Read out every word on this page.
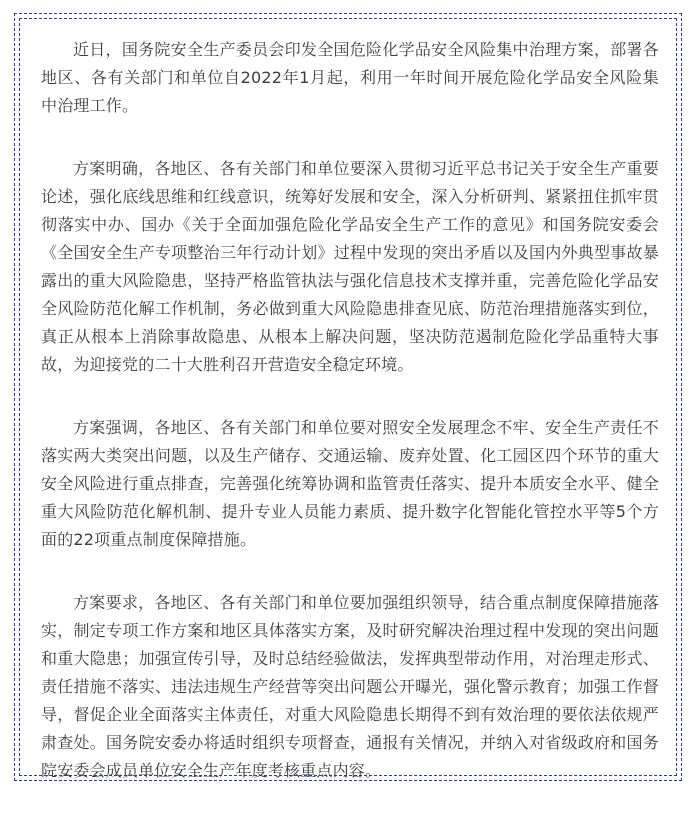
近日，国务院安全生产委员会印发全国危险化学品安全风险集中治理方案，部署各地区、各有关部门和单位自2022年1月起，利用一年时间开展危险化学品安全风险集中治理工作。

方案明确，各地区、各有关部门和单位要深入贯彻习近平总书记关于安全生产重要论述，强化底线思维和红线意识，统筹好发展和安全，深入分析研判、紧紧扭住抓牢贯彻落实中办、国办《关于全面加强危险化学品安全生产工作的意见》和国务院安委会《全国安全生产专项整治三年行动计划》过程中发现的突出矛盾以及国内外典型事故暴露出的重大风险隐患，坚持严格监管执法与强化信息技术支撑并重，完善危险化学品安全风险防范化解工作机制，务必做到重大风险隐患排查见底、防范治理措施落实到位，真正从根本上消除事故隐患、从根本上解决问题，坚决防范遏制危险化学品重特大事故，为迎接党的二十大胜利召开营造安全稳定环境。

方案强调，各地区、各有关部门和单位要对照安全发展理念不牢、安全生产责任不落实两大类突出问题，以及生产储存、交通运输、废弃处置、化工园区四个环节的重大安全风险进行重点排查，完善强化统筹协调和监管责任落实、提升本质安全水平、健全重大风险防范化解机制、提升专业人员能力素质、提升数字化智能化管控水平等5个方面的22项重点制度保障措施。

方案要求，各地区、各有关部门和单位要加强组织领导，结合重点制度保障措施落实，制定专项工作方案和地区具体落实方案，及时研究解决治理过程中发现的突出问题和重大隐患；加强宣传引导，及时总结经验做法，发挥典型带动作用，对治理走形式、责任措施不落实、违法违规生产经营等突出问题公开曝光，强化警示教育；加强工作督导，督促企业全面落实主体责任，对重大风险隐患长期得不到有效治理的要依法依规严肃查处。国务院安委办将适时组织专项督查，通报有关情况，并纳入对省级政府和国务院安委会成员单位安全生产年度考核重点内容。
